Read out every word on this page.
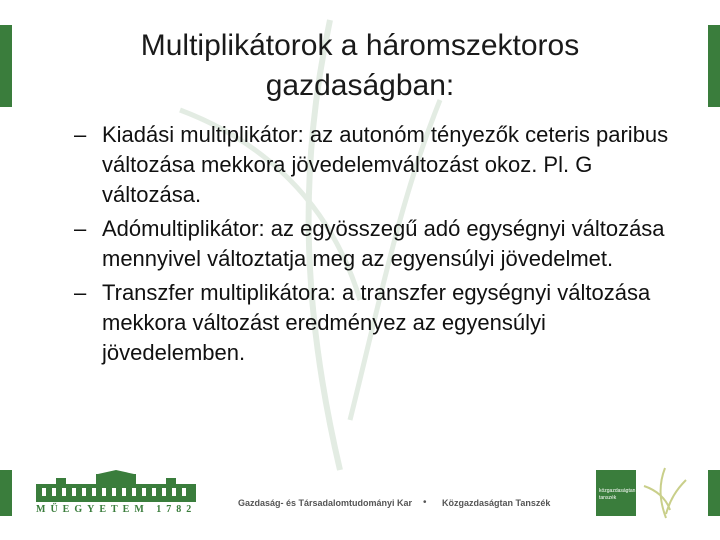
Multiplikátorok a háromszektoros
gazdaságban:
– Kiadási multiplikátor: az autonóm tényezők ceteris paribus változása mekkora jövedelemváltozást okoz. Pl. G változása.
– Adómultiplikátor: az egyösszegű adó egységnyi változása mennyivel változtatja meg az egyensúlyi jövedelmet.
– Transzfer multiplikátora: a transzfer egységnyi változása mekkora változást eredményez az egyensúlyi jövedelemben.
MŰEGYETEM 1782
Gazdaság- és Társadalomtudományi Kar • Közgazdaságtan Tanszék
közgazdaságtan tanszék
